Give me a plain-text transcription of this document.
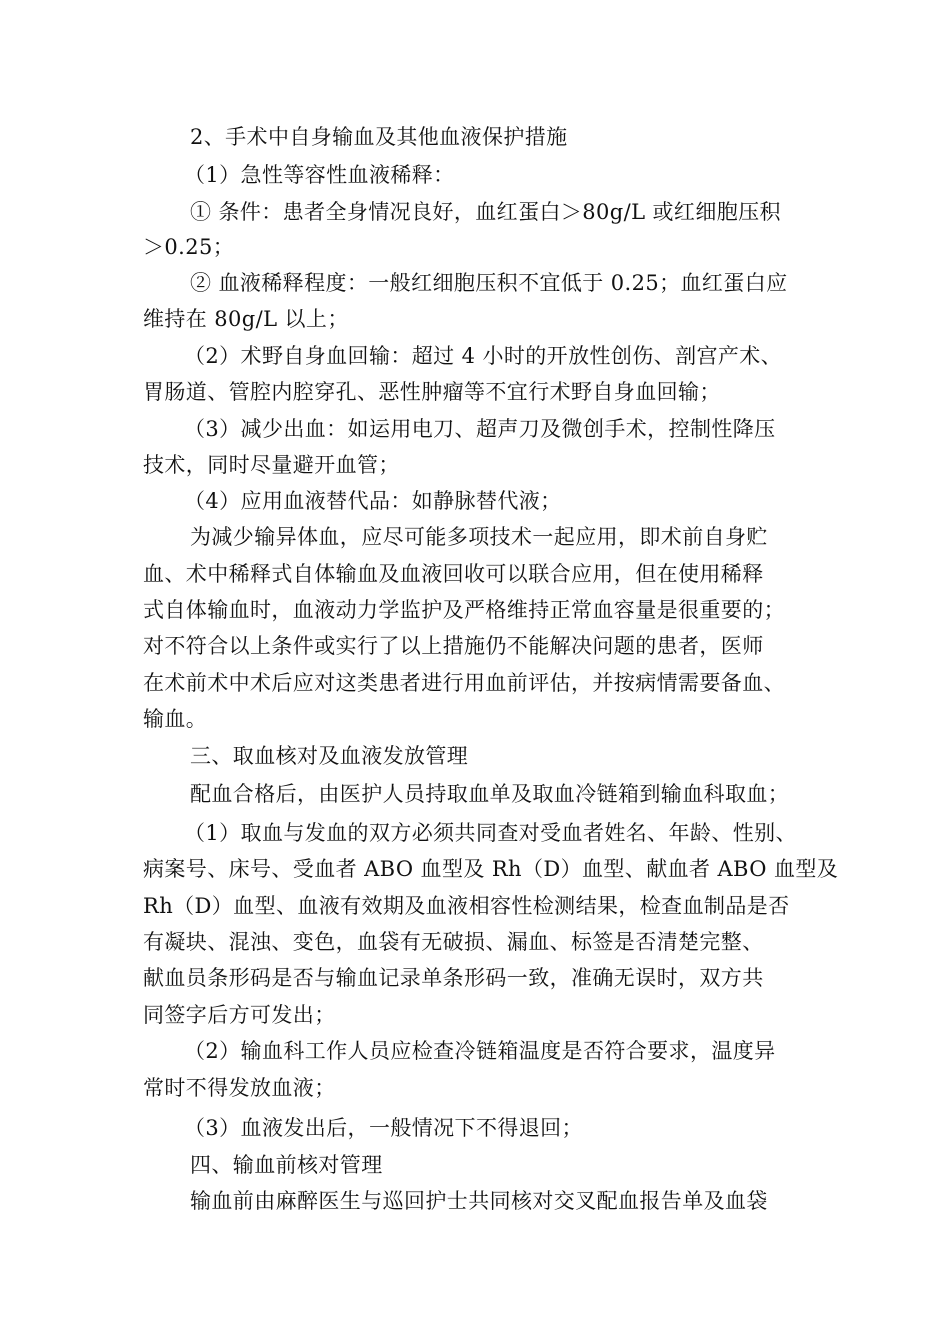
2、手术中自身输血及其他血液保护措施
（1）急性等容性血液稀释：
① 条件：患者全身情况良好，血红蛋白＞80g/L 或红细胞压积
＞0.25；
② 血液稀释程度：一般红细胞压积不宜低于 0.25；血红蛋白应
维持在 80g/L 以上；
（2）术野自身血回输：超过 4 小时的开放性创伤、剖宫产术、
胃肠道、管腔内腔穿孔、恶性肿瘤等不宜行术野自身血回输；
（3）减少出血：如运用电刀、超声刀及微创手术，控制性降压
技术，同时尽量避开血管；
（4）应用血液替代品：如静脉替代液；
为减少输异体血，应尽可能多项技术一起应用，即术前自身贮
血、术中稀释式自体输血及血液回收可以联合应用，但在使用稀释
式自体输血时，血液动力学监护及严格维持正常血容量是很重要的；
对不符合以上条件或实行了以上措施仍不能解决问题的患者，医师
在术前术中术后应对这类患者进行用血前评估，并按病情需要备血、
输血。
三、取血核对及血液发放管理
配血合格后，由医护人员持取血单及取血冷链箱到输血科取血；
（1）取血与发血的双方必须共同查对受血者姓名、年龄、性别、
病案号、床号、受血者 ABO 血型及 Rh（D）血型、献血者 ABO 血型及
Rh（D）血型、血液有效期及血液相容性检测结果，检查血制品是否
有凝块、混浊、变色，血袋有无破损、漏血、标签是否清楚完整、
献血员条形码是否与输血记录单条形码一致，准确无误时，双方共
同签字后方可发出；
（2）输血科工作人员应检查冷链箱温度是否符合要求，温度异
常时不得发放血液；
（3）血液发出后，一般情况下不得退回；
四、输血前核对管理
输血前由麻醉医生与巡回护士共同核对交叉配血报告单及血袋
